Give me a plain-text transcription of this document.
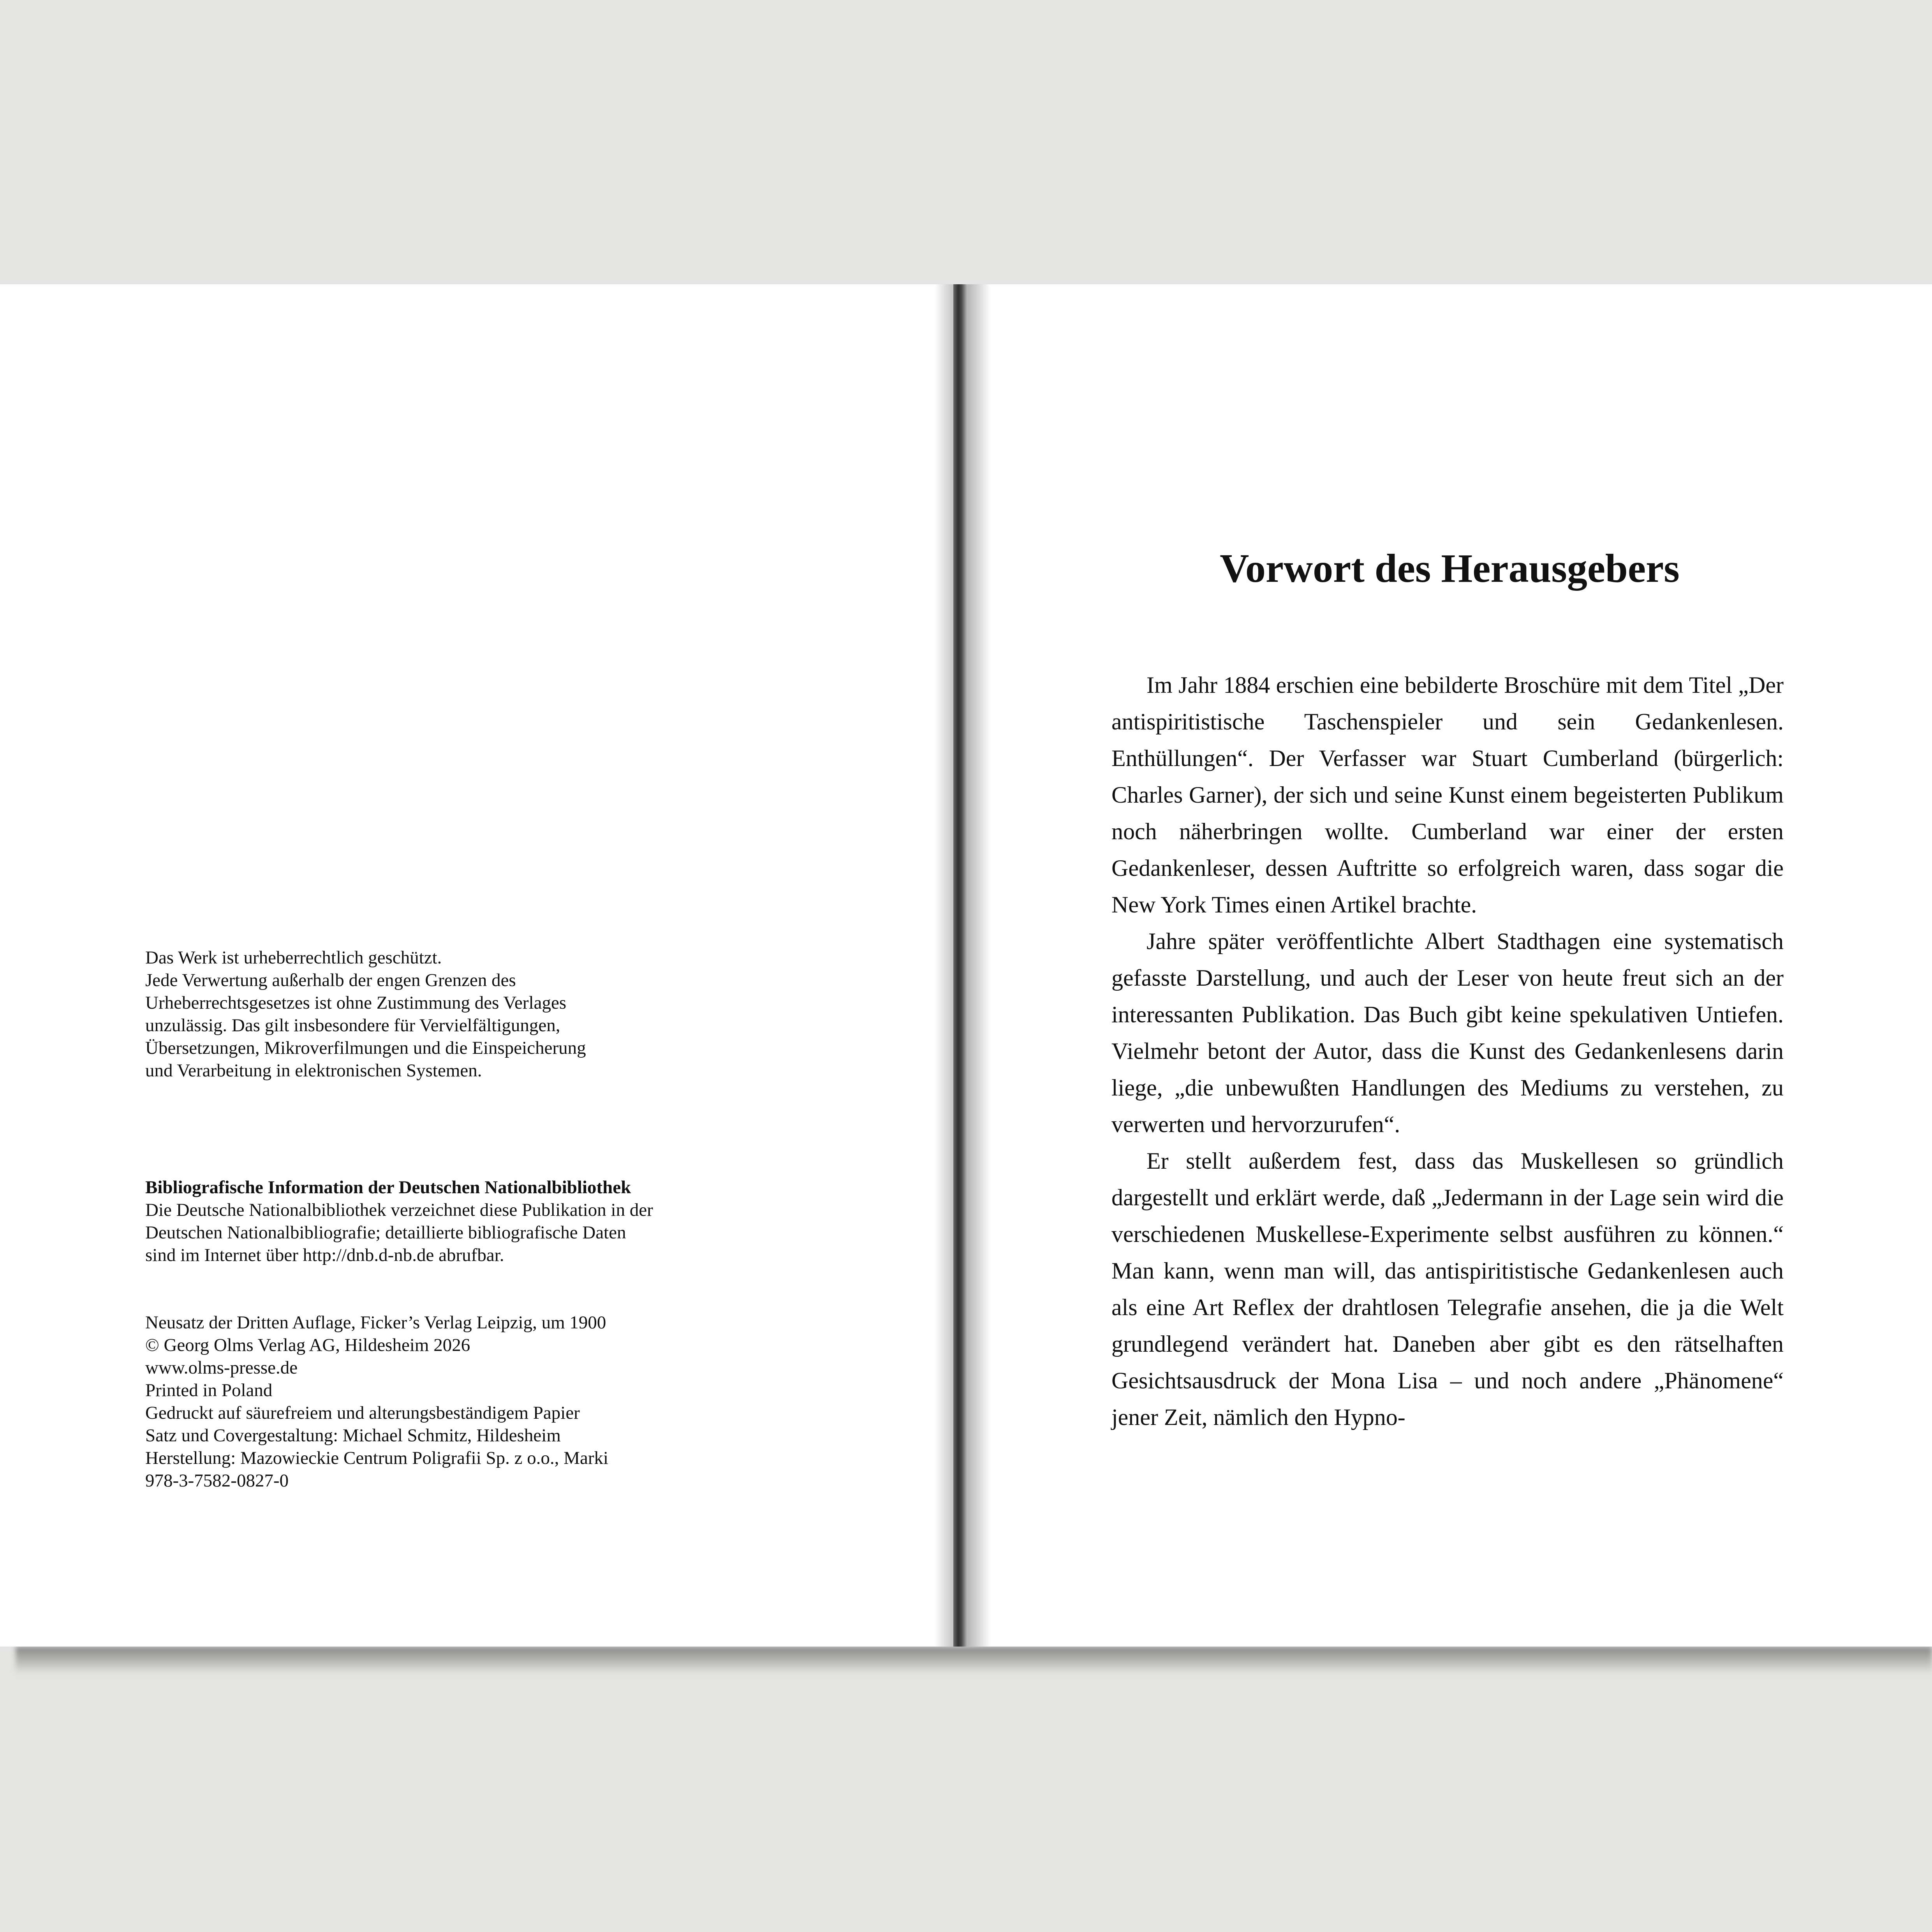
Das Werk ist urheberrechtlich geschützt.

Jede Verwertung außerhalb der engen Grenzen des

Urheberrechtsgesetzes ist ohne Zustimmung des Verlages

unzulässig. Das gilt insbesondere für Vervielfältigungen,

Übersetzungen, Mikroverfilmungen und die Einspeicherung

und Verarbeitung in elektronischen Systemen.

Bibliografische Information der Deutschen Nationalbibliothek

Die Deutsche Nationalbibliothek verzeichnet diese Publikation in der

Deutschen Nationalbibliografie; detaillierte bibliografische Daten

sind im Internet über http://dnb.d-nb.de abrufbar.

Neusatz der Dritten Auflage, Ficker’s Verlag Leipzig, um 1900

© Georg Olms Verlag AG, Hildesheim 2026

www.olms-presse.de

Printed in Poland

Gedruckt auf säurefreiem und alterungsbeständigem Papier

Satz und Covergestaltung: Michael Schmitz, Hildesheim

Herstellung: Mazowieckie Centrum Poligrafii Sp. z o.o., Marki

978-3-7582-0827-0

Vorwort des Herausgebers

Im Jahr 1884 erschien eine bebilderte Broschüre mit dem Titel „Der antispiritistische Taschenspieler und sein Gedankenlesen. Enthüllungen“. Der Verfasser war Stuart Cumberland (bürgerlich: Charles Garner), der sich und seine Kunst einem begeisterten Publikum noch näherbringen wollte. Cumberland war einer der ersten Gedankenleser, dessen Auftritte so erfolgreich waren, dass sogar die New York Times einen Artikel brachte.

Jahre später veröffentlichte Albert Stadthagen eine systematisch gefasste Darstellung, und auch der Leser von heute freut sich an der interessanten Publikation. Das Buch gibt keine spekulativen Untiefen. Vielmehr betont der Autor, dass die Kunst des Gedankenlesens darin liege, „die unbewußten Handlungen des Mediums zu verstehen, zu verwerten und hervorzurufen“.

Er stellt außerdem fest, dass das Muskellesen so gründlich dargestellt und erklärt werde, daß „Jedermann in der Lage sein wird die verschiedenen Muskellese-Experimente selbst ausführen zu können.“ Man kann, wenn man will, das antispiritistische Gedankenlesen auch als eine Art Reflex der drahtlosen Telegrafie ansehen, die ja die Welt grundlegend verändert hat. Daneben aber gibt es den rätselhaften Gesichtsausdruck der Mona Lisa – und noch andere „Phänomene“ jener Zeit, nämlich den Hypno-
